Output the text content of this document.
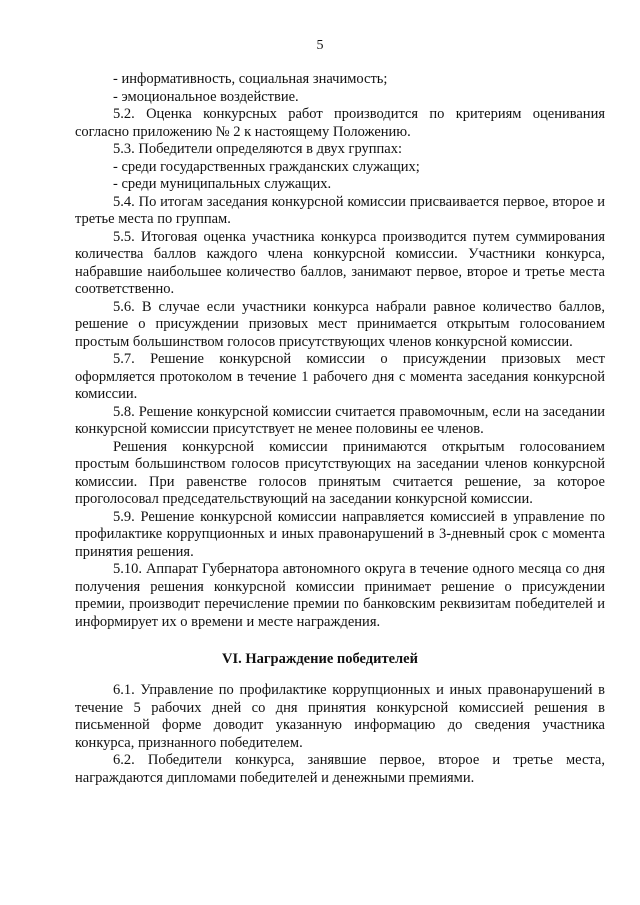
5

- информативность, социальная значимость;

- эмоциональное воздействие.

5.2. Оценка конкурсных работ производится по критериям оценивания согласно приложению № 2 к настоящему Положению.

5.3. Победители определяются в двух группах:

- среди государственных гражданских служащих;

- среди муниципальных служащих.

5.4. По итогам заседания конкурсной комиссии присваивается первое, второе и третье места по группам.

5.5. Итоговая оценка участника конкурса производится путем суммирования количества баллов каждого члена конкурсной комиссии. Участники конкурса, набравшие наибольшее количество баллов, занимают первое, второе и третье места соответственно.

5.6. В случае если участники конкурса набрали равное количество баллов, решение о присуждении призовых мест принимается открытым голосованием простым большинством голосов присутствующих членов конкурсной комиссии.

5.7. Решение конкурсной комиссии о присуждении призовых мест оформляется протоколом в течение 1 рабочего дня с момента заседания конкурсной комиссии.

5.8. Решение конкурсной комиссии считается правомочным, если на заседании конкурсной комиссии присутствует не менее половины ее членов.

Решения конкурсной комиссии принимаются открытым голосованием простым большинством голосов присутствующих на заседании членов конкурсной комиссии. При равенстве голосов принятым считается решение, за которое проголосовал председательствующий на заседании конкурсной комиссии.

5.9. Решение конкурсной комиссии направляется комиссией в управление по профилактике коррупционных и иных правонарушений в 3-дневный срок с момента принятия решения.

5.10. Аппарат Губернатора автономного округа в течение одного месяца со дня получения решения конкурсной комиссии принимает решение о присуждении премии, производит перечисление премии по банковским реквизитам победителей и информирует их о времени и месте награждения.

VI. Награждение победителей

6.1. Управление по профилактике коррупционных и иных правонарушений в течение 5 рабочих дней со дня принятия конкурсной комиссией решения в письменной форме доводит указанную информацию до сведения участника конкурса, признанного победителем.

6.2. Победители конкурса, занявшие первое, второе и третье места, награждаются дипломами победителей и денежными премиями.
